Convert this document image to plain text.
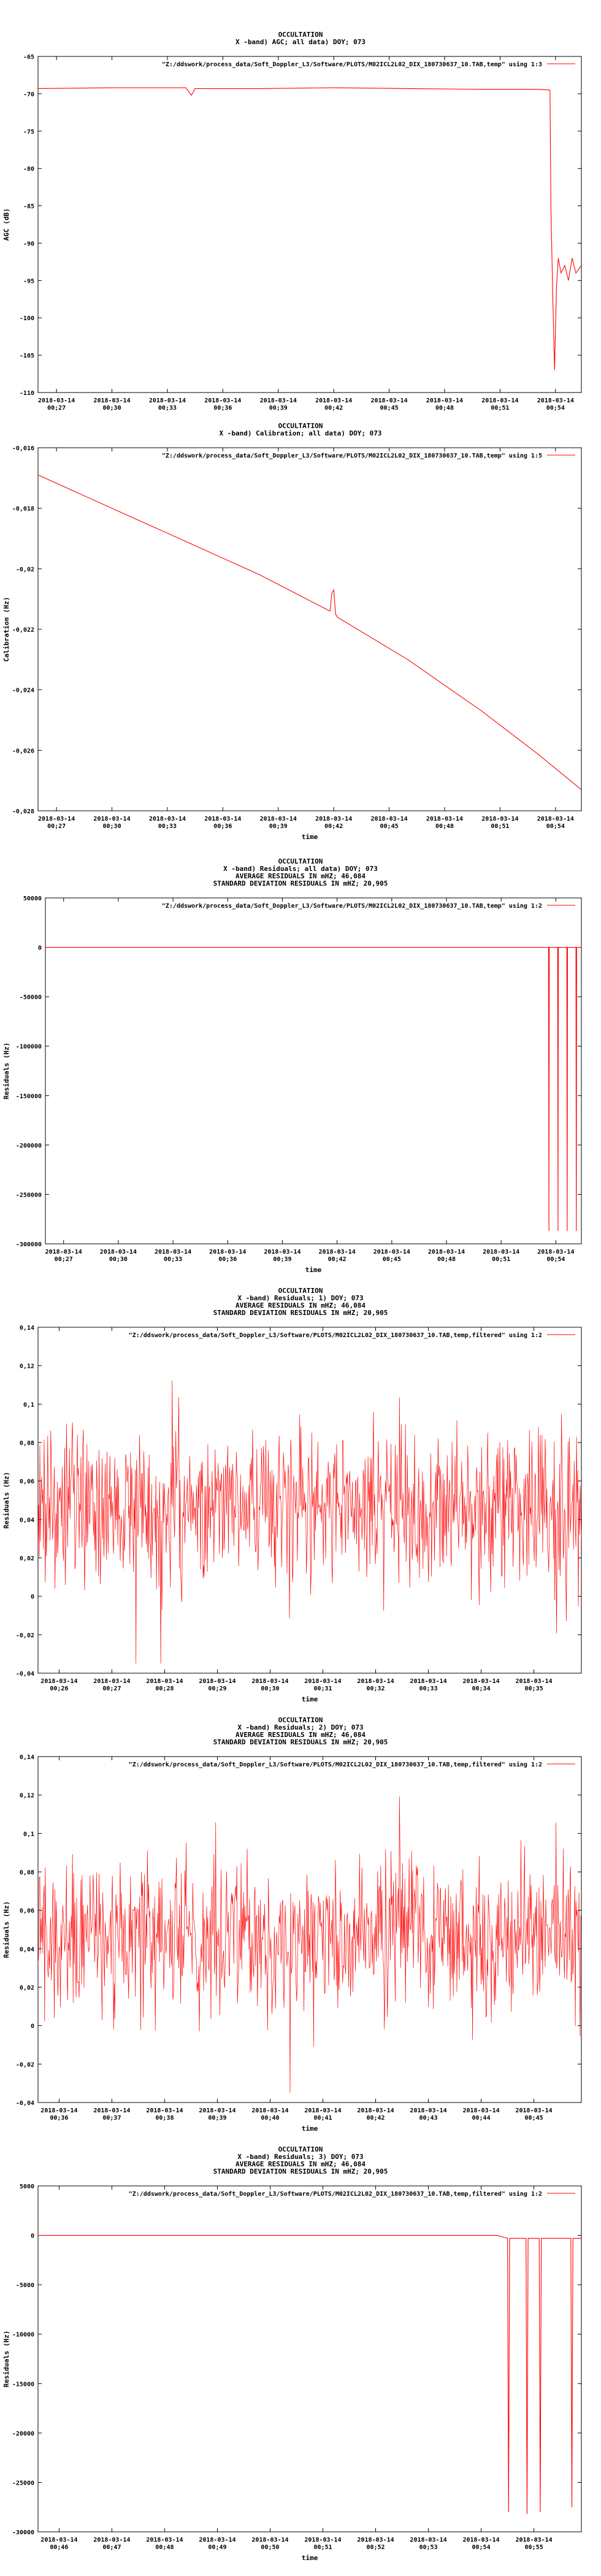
OCCULTATION
X -band) AGC; all data) DOY; 073
-65
-70
-75
-80
-85
-90
-95
-100
-105
-110
2018-03-14
00;27
2018-03-14
00;30
2018-03-14
00;33
2018-03-14
00;36
2018-03-14
00;39
2018-03-14
00;42
2018-03-14
00;45
2018-03-14
00;48
2018-03-14
00;51
2018-03-14
00;54
AGC (dB)
"Z:/ddswork/process_data/Soft_Doppler_L3/Software/PLOTS/M02ICL2L02_DIX_180730637_10.TAB,temp" using 1:3
OCCULTATION
X -band) Calibration; all data) DOY; 073
-0,016
-0,018
-0,02
-0,022
-0,024
-0,026
-0,028
2018-03-14
00;27
2018-03-14
00;30
2018-03-14
00;33
2018-03-14
00;36
2018-03-14
00;39
2018-03-14
00;42
2018-03-14
00;45
2018-03-14
00;48
2018-03-14
00;51
2018-03-14
00;54
time
Calibration (Hz)
"Z:/ddswork/process_data/Soft_Doppler_L3/Software/PLOTS/M02ICL2L02_DIX_180730637_10.TAB,temp" using 1:5
OCCULTATION
X -band) Residuals; all data) DOY; 073
AVERAGE RESIDUALS IN mHZ; 46,084
STANDARD DEVIATION RESIDUALS IN mHZ; 20,905
50000
0
-50000
-100000
-150000
-200000
-250000
-300000
2018-03-14
00;27
2018-03-14
00;30
2018-03-14
00;33
2018-03-14
00;36
2018-03-14
00;39
2018-03-14
00;42
2018-03-14
00;45
2018-03-14
00;48
2018-03-14
00;51
2018-03-14
00;54
time
Residuals (Hz)
"Z:/ddswork/process_data/Soft_Doppler_L3/Software/PLOTS/M02ICL2L02_DIX_180730637_10.TAB,temp" using 1:2
OCCULTATION
X -band) Residuals; 1) DOY; 073
AVERAGE RESIDUALS IN mHZ; 46,084
STANDARD DEVIATION RESIDUALS IN mHZ; 20,905
0,14
0,12
0,1
0,08
0,06
0,04
0,02
0
-0,02
-0,04
2018-03-14
00;26
2018-03-14
00;27
2018-03-14
00;28
2018-03-14
00;29
2018-03-14
00;30
2018-03-14
00;31
2018-03-14
00;32
2018-03-14
00;33
2018-03-14
00;34
2018-03-14
00;35
time
Residuals (Hz)
"Z:/ddswork/process_data/Soft_Doppler_L3/Software/PLOTS/M02ICL2L02_DIX_180730637_10.TAB,temp,filtered" using 1:2
OCCULTATION
X -band) Residuals; 2) DOY; 073
AVERAGE RESIDUALS IN mHZ; 46,084
STANDARD DEVIATION RESIDUALS IN mHZ; 20,905
0,14
0,12
0,1
0,08
0,06
0,04
0,02
0
-0,02
-0,04
2018-03-14
00;36
2018-03-14
00;37
2018-03-14
00;38
2018-03-14
00;39
2018-03-14
00;40
2018-03-14
00;41
2018-03-14
00;42
2018-03-14
00;43
2018-03-14
00;44
2018-03-14
00;45
time
Residuals (Hz)
"Z:/ddswork/process_data/Soft_Doppler_L3/Software/PLOTS/M02ICL2L02_DIX_180730637_10.TAB,temp,filtered" using 1:2
OCCULTATION
X -band) Residuals; 3) DOY; 073
AVERAGE RESIDUALS IN mHZ; 46,084
STANDARD DEVIATION RESIDUALS IN mHZ; 20,905
5000
0
-5000
-10000
-15000
-20000
-25000
-30000
2018-03-14
00;46
2018-03-14
00;47
2018-03-14
00;48
2018-03-14
00;49
2018-03-14
00;50
2018-03-14
00;51
2018-03-14
00;52
2018-03-14
00;53
2018-03-14
00;54
2018-03-14
00;55
time
Residuals (Hz)
"Z:/ddswork/process_data/Soft_Doppler_L3/Software/PLOTS/M02ICL2L02_DIX_180730637_10.TAB,temp,filtered" using 1:2
